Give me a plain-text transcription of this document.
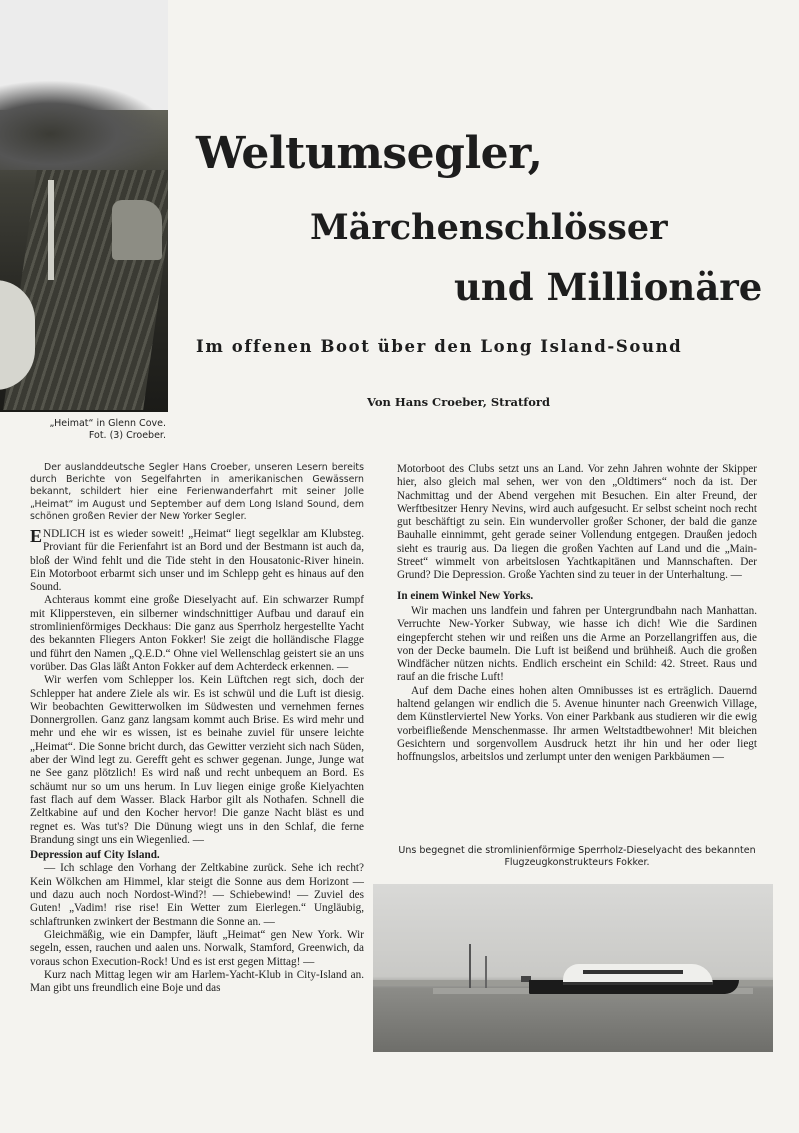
„Heimat“ in Glenn Cove.
Fot. (3) Croeber.
Weltumsegler,
Märchenschlösser
und Millionäre
Im offenen Boot über den Long Island-Sound
Von Hans Croeber, Stratford
Der auslanddeutsche Segler Hans Croeber, unseren Lesern bereits durch Berichte von Segelfahrten in amerikanischen Gewässern bekannt, schildert hier eine Ferienwanderfahrt mit seiner Jolle „Heimat“ im August und September auf dem Long Island Sound, dem schönen großen Revier der New Yorker Segler.

ENDLICH ist es wieder soweit! „Heimat“ liegt segelklar am Klubsteg. Proviant für die Ferienfahrt ist an Bord und der Bestmann ist auch da, bloß der Wind fehlt und die Tide steht in den Housatonic-River hinein. Ein Motorboot erbarmt sich unser und im Schlepp geht es hinaus auf den Sound.

Achteraus kommt eine große Dieselyacht auf. Ein schwarzer Rumpf mit Klippersteven, ein silberner windschnittiger Aufbau und darauf ein stromlinienförmiges Deckhaus: Die ganz aus Sperrholz hergestellte Yacht des bekannten Fliegers Anton Fokker! Sie zeigt die holländische Flagge und führt den Namen „Q.E.D.“ Ohne viel Wellenschlag geistert sie an uns vorüber. Das Glas läßt Anton Fokker auf dem Achterdeck erkennen. —

Wir werfen vom Schlepper los. Kein Lüftchen regt sich, doch der Schlepper hat andere Ziele als wir. Es ist schwül und die Luft ist diesig. Wir beobachten Gewitterwolken im Südwesten und vernehmen fernes Donnergrollen. Ganz ganz langsam kommt auch Brise. Es wird mehr und mehr und ehe wir es wissen, ist es beinahe zuviel für unsere leichte „Heimat“. Die Sonne bricht durch, das Gewitter verzieht sich nach Süden, aber der Wind legt zu. Gerefft geht es schwer gegenan. Junge, Junge wat ne See ganz plötzlich! Es wird naß und recht unbequem an Bord. Es schäumt nur so um uns herum. In Luv liegen einige große Kielyachten fast flach auf dem Wasser. Black Harbor gilt als Nothafen. Schnell die Zeltkabine auf und den Kocher hervor! Die ganze Nacht bläst es und regnet es. Was tut's? Die Dünung wiegt uns in den Schlaf, die ferne Brandung singt uns ein Wiegenlied. —

Depression auf City Island.

— Ich schlage den Vorhang der Zeltkabine zurück. Sehe ich recht? Kein Wölkchen am Himmel, klar steigt die Sonne aus dem Horizont — und dazu auch noch Nordost-Wind?! — Schiebewind! — Zuviel des Guten! „Vadim! rise rise! Ein Wetter zum Eierlegen.“ Ungläubig, schlaftrunken zwinkert der Bestmann die Sonne an. —

Gleichmäßig, wie ein Dampfer, läuft „Heimat“ gen New York. Wir segeln, essen, rauchen und aalen uns. Norwalk, Stamford, Greenwich, da voraus schon Execution-Rock! Und es ist erst gegen Mittag! —

Kurz nach Mittag legen wir am Harlem-Yacht-Klub in City-Island an. Man gibt uns freundlich eine Boje und das

Motorboot des Clubs setzt uns an Land. Vor zehn Jahren wohnte der Skipper hier, also gleich mal sehen, wer von den „Oldtimers“ noch da ist. Der Nachmittag und der Abend vergehen mit Besuchen. Ein alter Freund, der Werftbesitzer Henry Nevins, wird auch aufgesucht. Er selbst scheint noch recht gut beschäftigt zu sein. Ein wundervoller großer Schoner, der bald die ganze Bauhalle einnimmt, geht gerade seiner Vollendung entgegen. Draußen jedoch sieht es traurig aus. Da liegen die großen Yachten auf Land und die „Main-Street“ wimmelt von arbeitslosen Yachtkapitänen und Mannschaften. Der Grund? Die Depression. Große Yachten sind zu teuer in der Unterhaltung. —

In einem Winkel New Yorks.

Wir machen uns landfein und fahren per Untergrundbahn nach Manhattan. Verruchte New-Yorker Subway, wie hasse ich dich! Wie die Sardinen eingepfercht stehen wir und reißen uns die Arme an Porzellangriffen aus, die von der Decke baumeln. Die Luft ist beißend und brühheiß. Auch die großen Windfächer nützen nichts. Endlich erscheint ein Schild: 42. Street. Raus und rauf an die frische Luft!

Auf dem Dache eines hohen alten Omnibusses ist es erträglich. Dauernd haltend gelangen wir endlich die 5. Avenue hinunter nach Greenwich Village, dem Künstlerviertel New Yorks. Von einer Parkbank aus studieren wir die ewig vorbeifließende Menschenmasse. Ihr armen Weltstadtbewohner! Mit bleichen Gesichtern und sorgenvollem Ausdruck hetzt ihr hin und her oder liegt hoffnungslos, arbeitslos und zerlumpt unter den wenigen Parkbäumen —

Uns begegnet die stromlinienförmige Sperrholz-Dieselyacht des bekannten Flugzeugkonstrukteurs Fokker.
